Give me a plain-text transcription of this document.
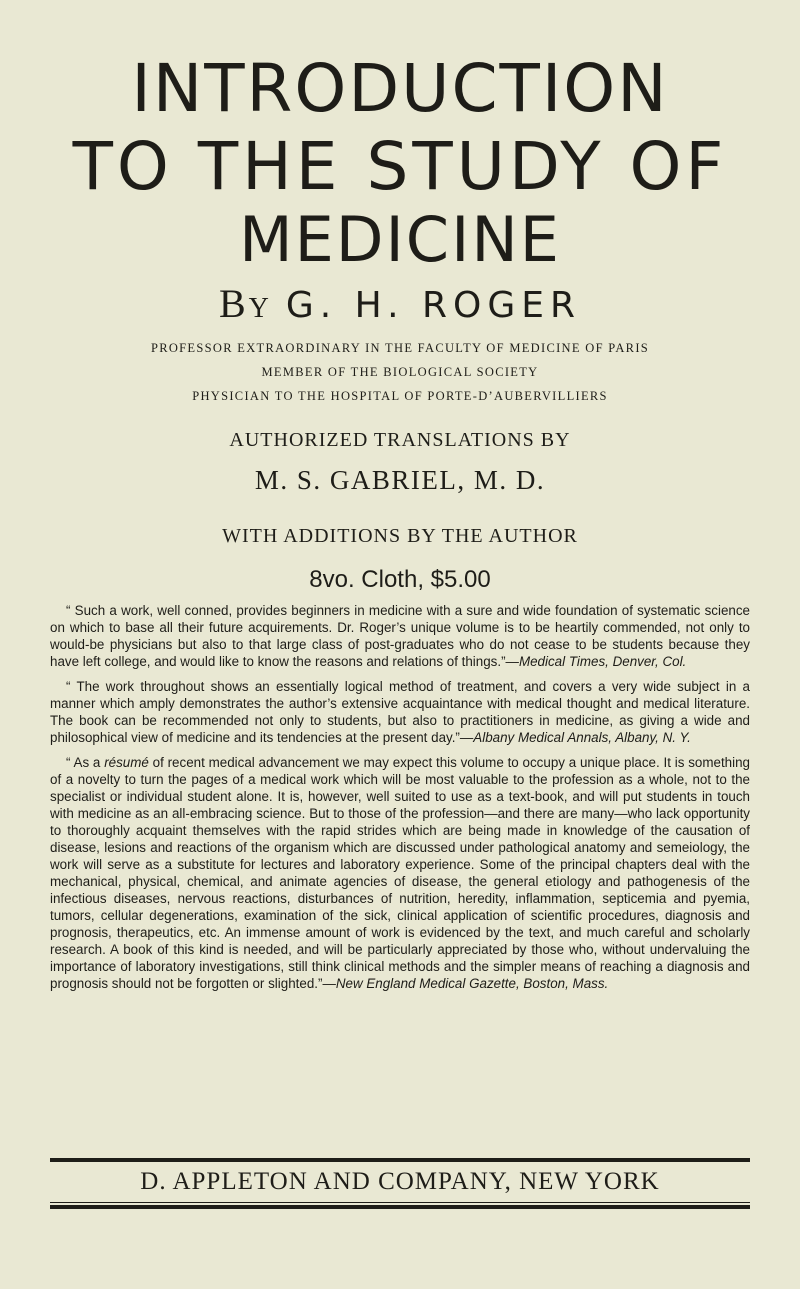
INTRODUCTION
TO THE STUDY OF
MEDICINE
By G. H. ROGER
PROFESSOR EXTRAORDINARY IN THE FACULTY OF MEDICINE OF PARIS
MEMBER OF THE BIOLOGICAL SOCIETY
PHYSICIAN TO THE HOSPITAL OF PORTE-D’AUBERVILLIERS
AUTHORIZED TRANSLATIONS BY
M. S. GABRIEL, M. D.
WITH ADDITIONS BY THE AUTHOR
8vo. Cloth, $5.00

“ Such a work, well conned, provides beginners in medicine with a sure and wide foundation of systematic science on which to base all their future acquirements. Dr. Roger’s unique volume is to be heartily commended, not only to would-be physicians but also to that large class of post-graduates who do not cease to be students because they have left college, and would like to know the reasons and relations of things.”—Medical Times, Denver, Col.

“ The work throughout shows an essentially logical method of treatment, and covers a very wide subject in a manner which amply demonstrates the author’s extensive acquaintance with medical thought and medical literature. The book can be recommended not only to students, but also to practitioners in medicine, as giving a wide and philosophical view of medicine and its tendencies at the present day.”—Albany Medical Annals, Albany, N. Y.

“ As a résumé of recent medical advancement we may expect this volume to occupy a unique place. It is something of a novelty to turn the pages of a medical work which will be most valuable to the profession as a whole, not to the specialist or individual student alone. It is, however, well suited to use as a text-book, and will put students in touch with medicine as an all-embracing science. But to those of the profession—and there are many—who lack opportunity to thoroughly acquaint themselves with the rapid strides which are being made in knowledge of the causation of disease, lesions and reactions of the organism which are discussed under pathological anatomy and semeiology, the work will serve as a substitute for lectures and laboratory experience. Some of the principal chapters deal with the mechanical, physical, chemical, and animate agencies of disease, the general etiology and pathogenesis of the infectious diseases, nervous reactions, disturbances of nutrition, heredity, inflammation, septicemia and pyemia, tumors, cellular degenerations, examination of the sick, clinical application of scientific procedures, diagnosis and prognosis, therapeutics, etc. An immense amount of work is evidenced by the text, and much careful and scholarly research. A book of this kind is needed, and will be particularly appreciated by those who, without undervaluing the importance of laboratory investigations, still think clinical methods and the simpler means of reaching a diagnosis and prognosis should not be forgotten or slighted.”—New England Medical Gazette, Boston, Mass.

D. APPLETON AND COMPANY, NEW YORK
